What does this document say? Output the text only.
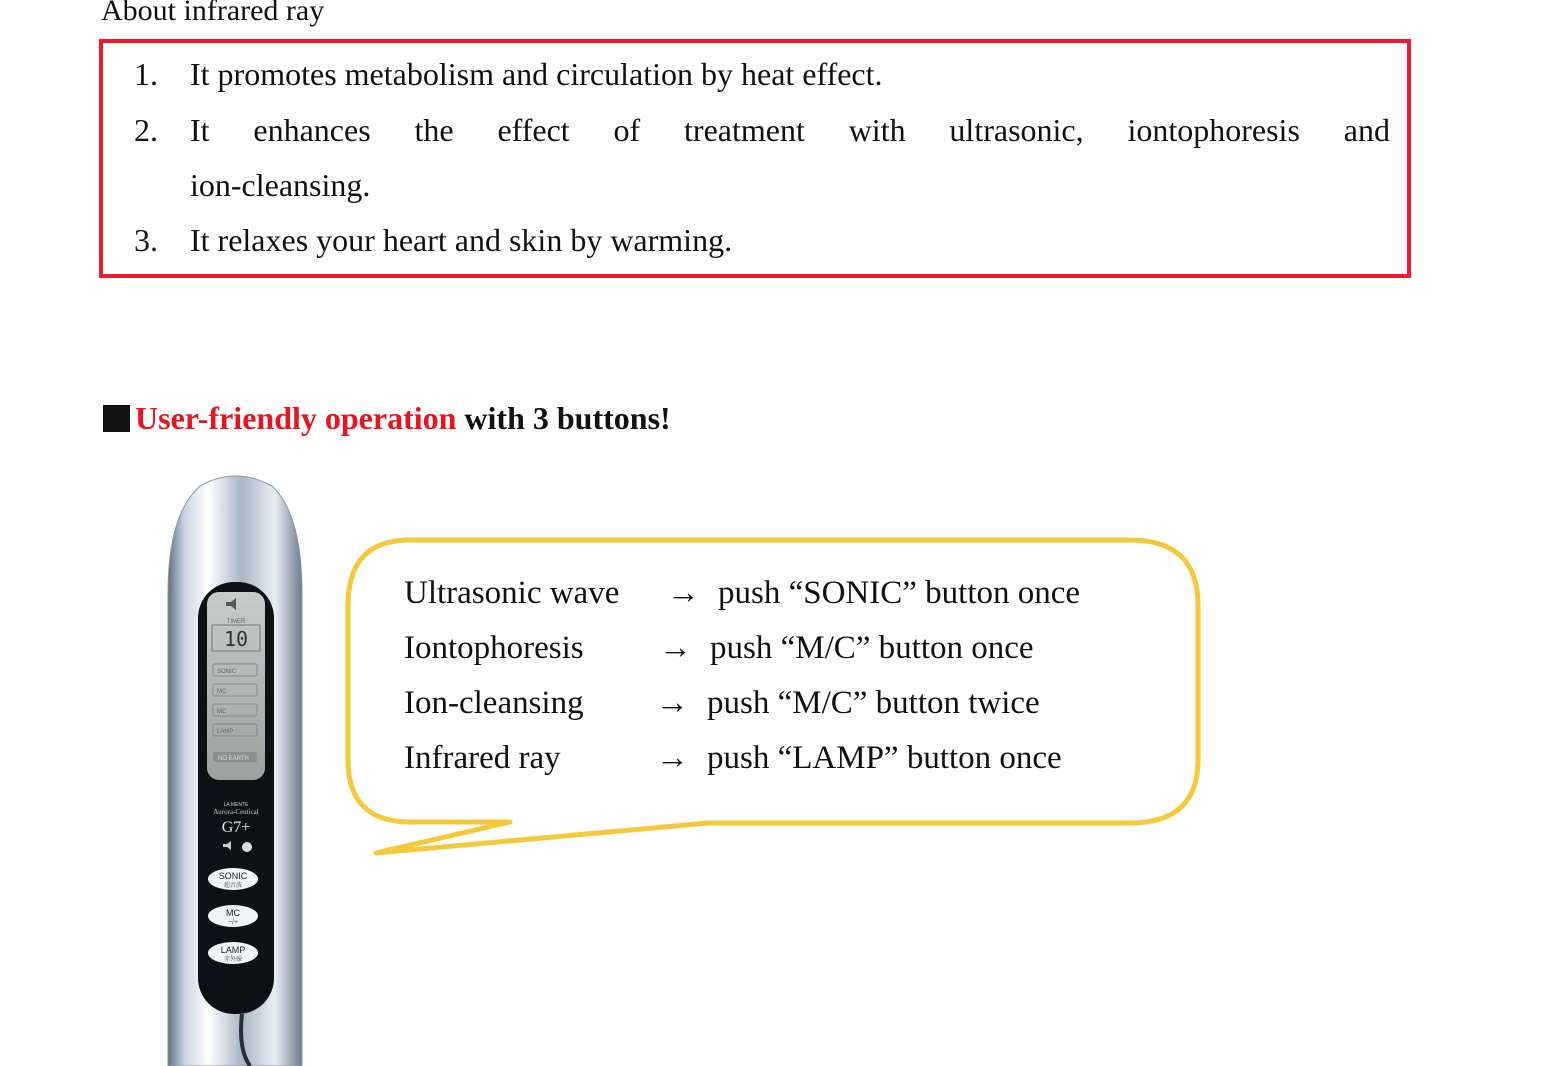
About infrared ray
1. It promotes metabolism and circulation by heat effect.
2. It enhances the effect of treatment with ultrasonic, iontophoresis and
ion-cleansing.
3. It relaxes your heart and skin by warming.
User-friendly operation with 3 buttons!
TIMER
10
SONIC
MC
MC
LAMP
NO EARTH
LA MENTE
Aurora-Ceutical
G7+
SONIC
超音波
MC
−/+
LAMP
赤外線
Ultrasonic wave → push “SONIC” button once
Iontophoresis → push “M/C” button once
Ion-cleansing → push “M/C” button twice
Infrared ray	→ push “LAMP” button once
